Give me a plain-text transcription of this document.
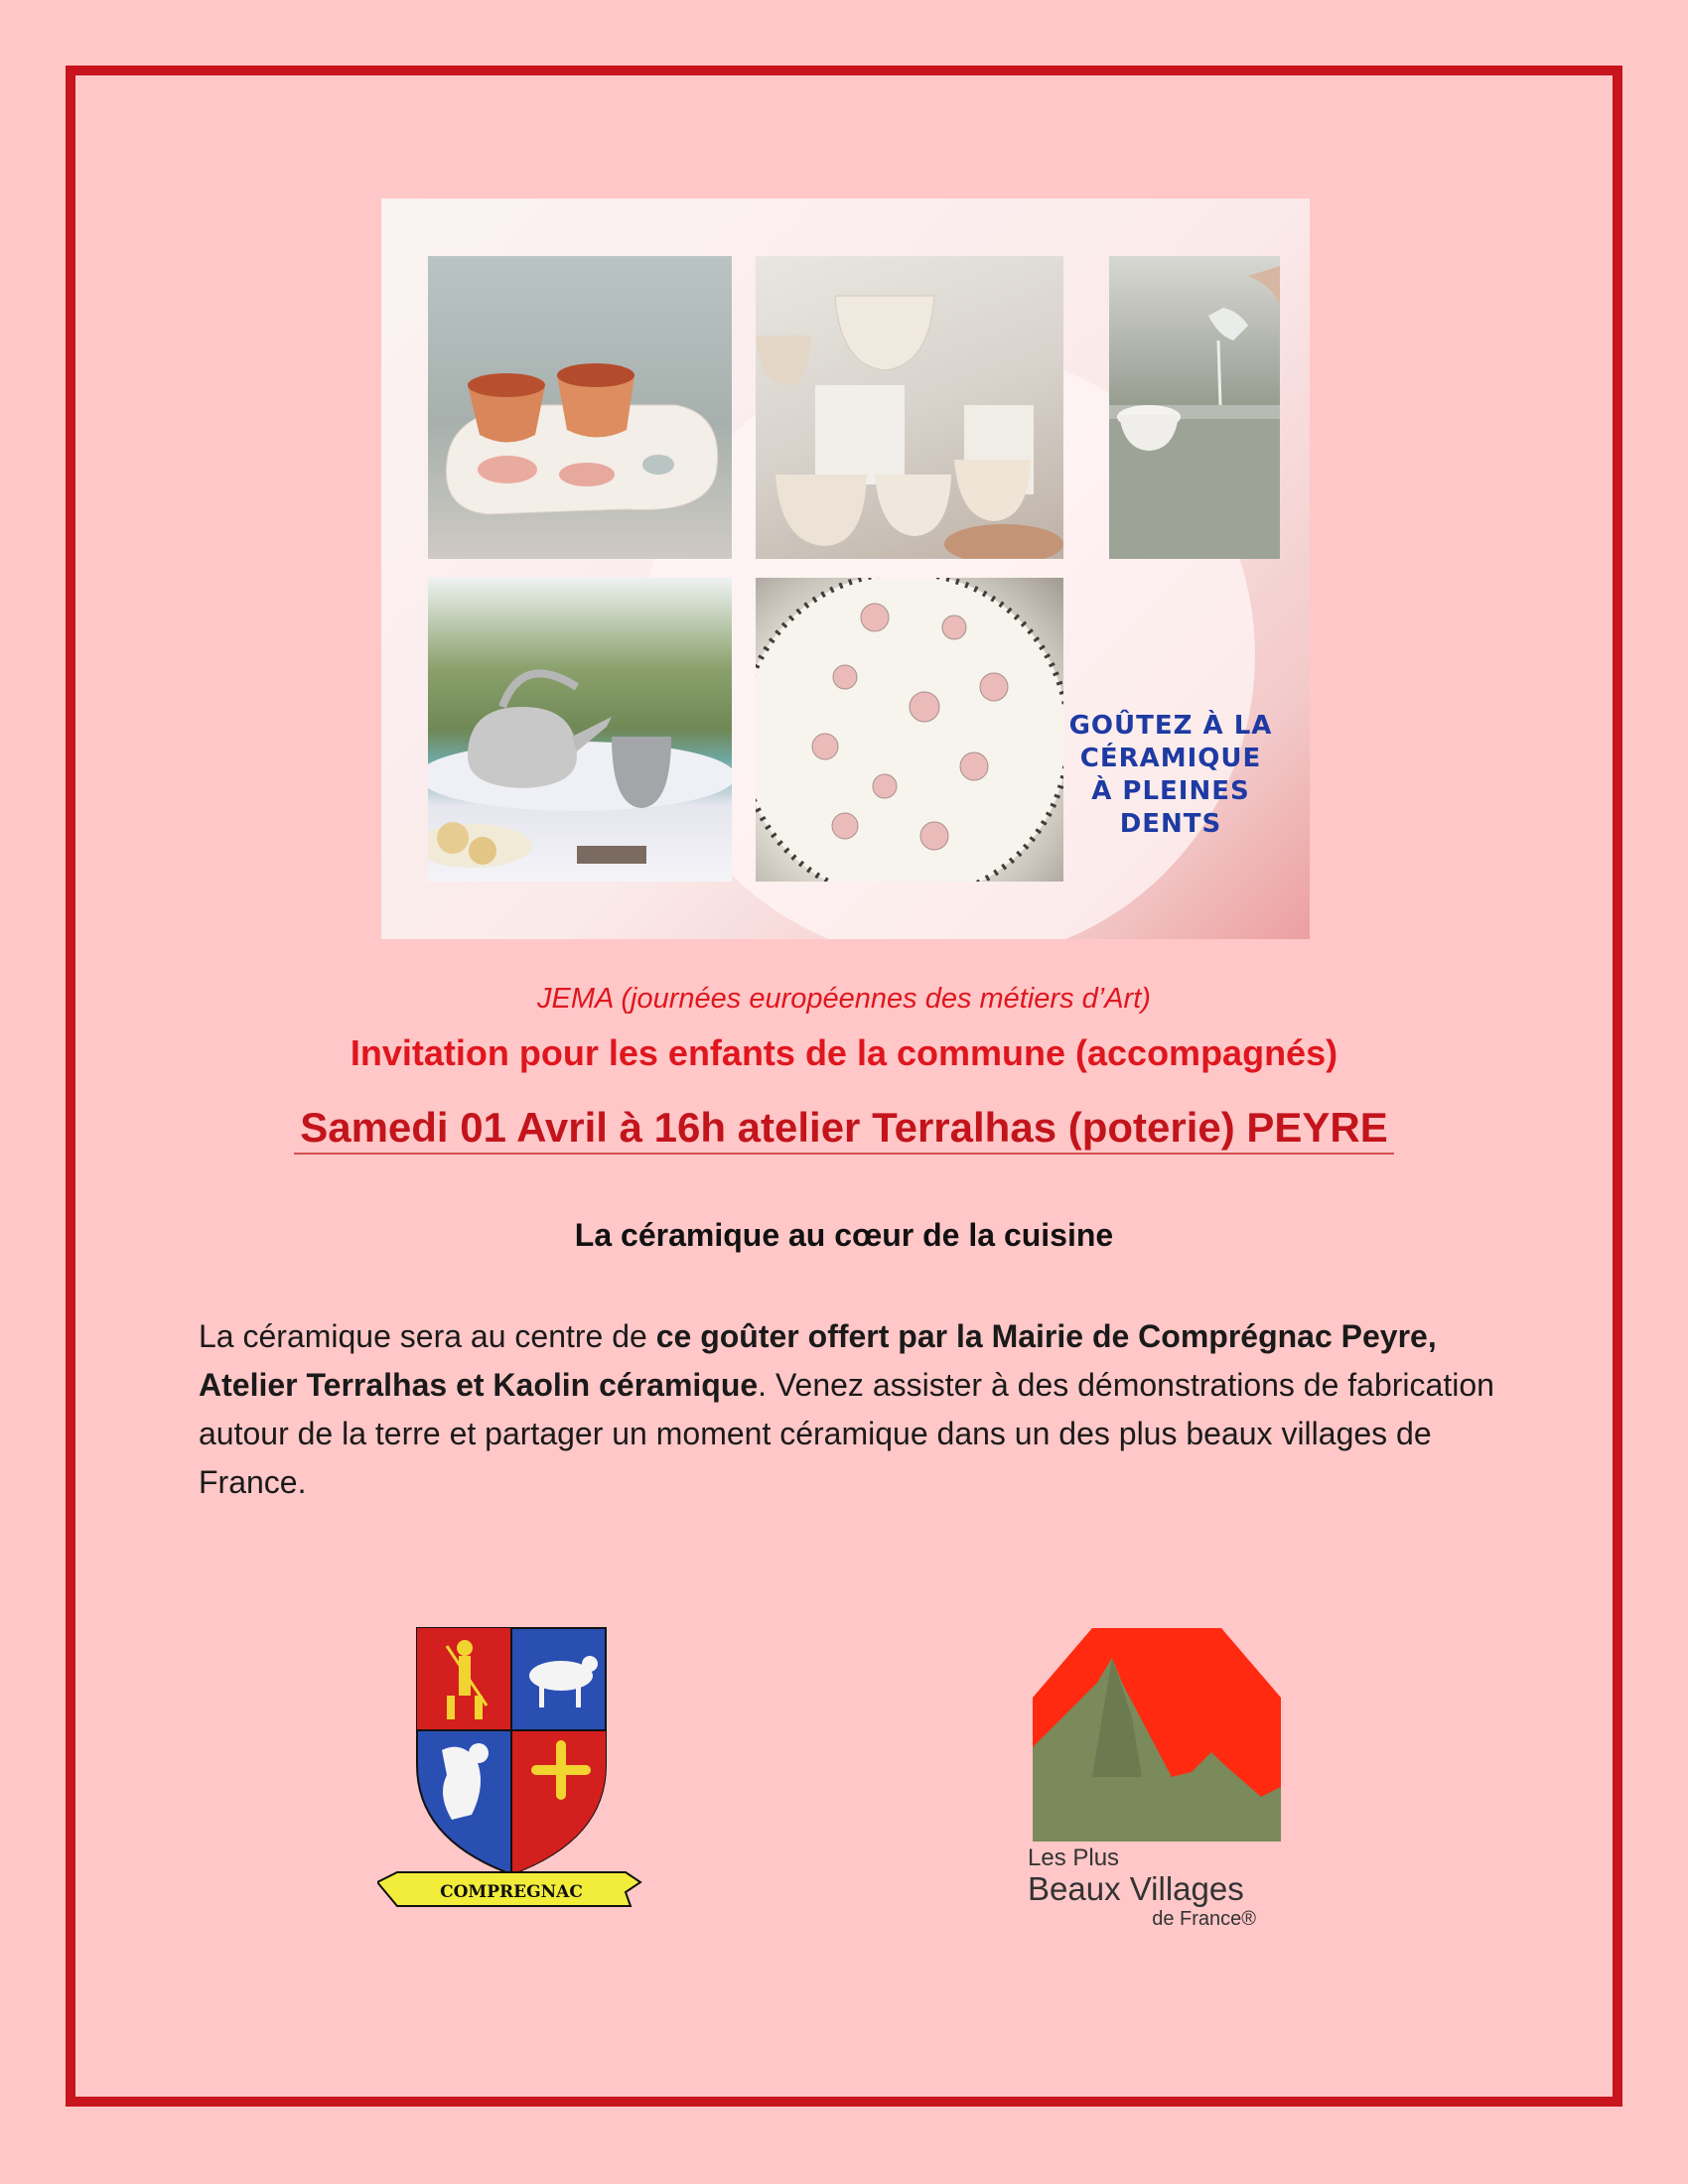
GOÛTEZ À LA
CÉRAMIQUE
À PLEINES DENTS
JEMA (journées européennes des métiers d’Art)
Invitation pour les enfants de la commune (accompagnés)
Samedi 01 Avril à 16h atelier Terralhas (poterie) PEYRE
La céramique au cœur de la cuisine
La céramique sera au centre de ce goûter offert par la Mairie de Comprégnac Peyre, Atelier Terralhas et Kaolin céramique. Venez assister à des démonstrations de fabrication autour de la terre et partager un moment céramique dans un des plus beaux villages de France.
COMPREGNAC
Les Plus
Beaux Villages
de France®
